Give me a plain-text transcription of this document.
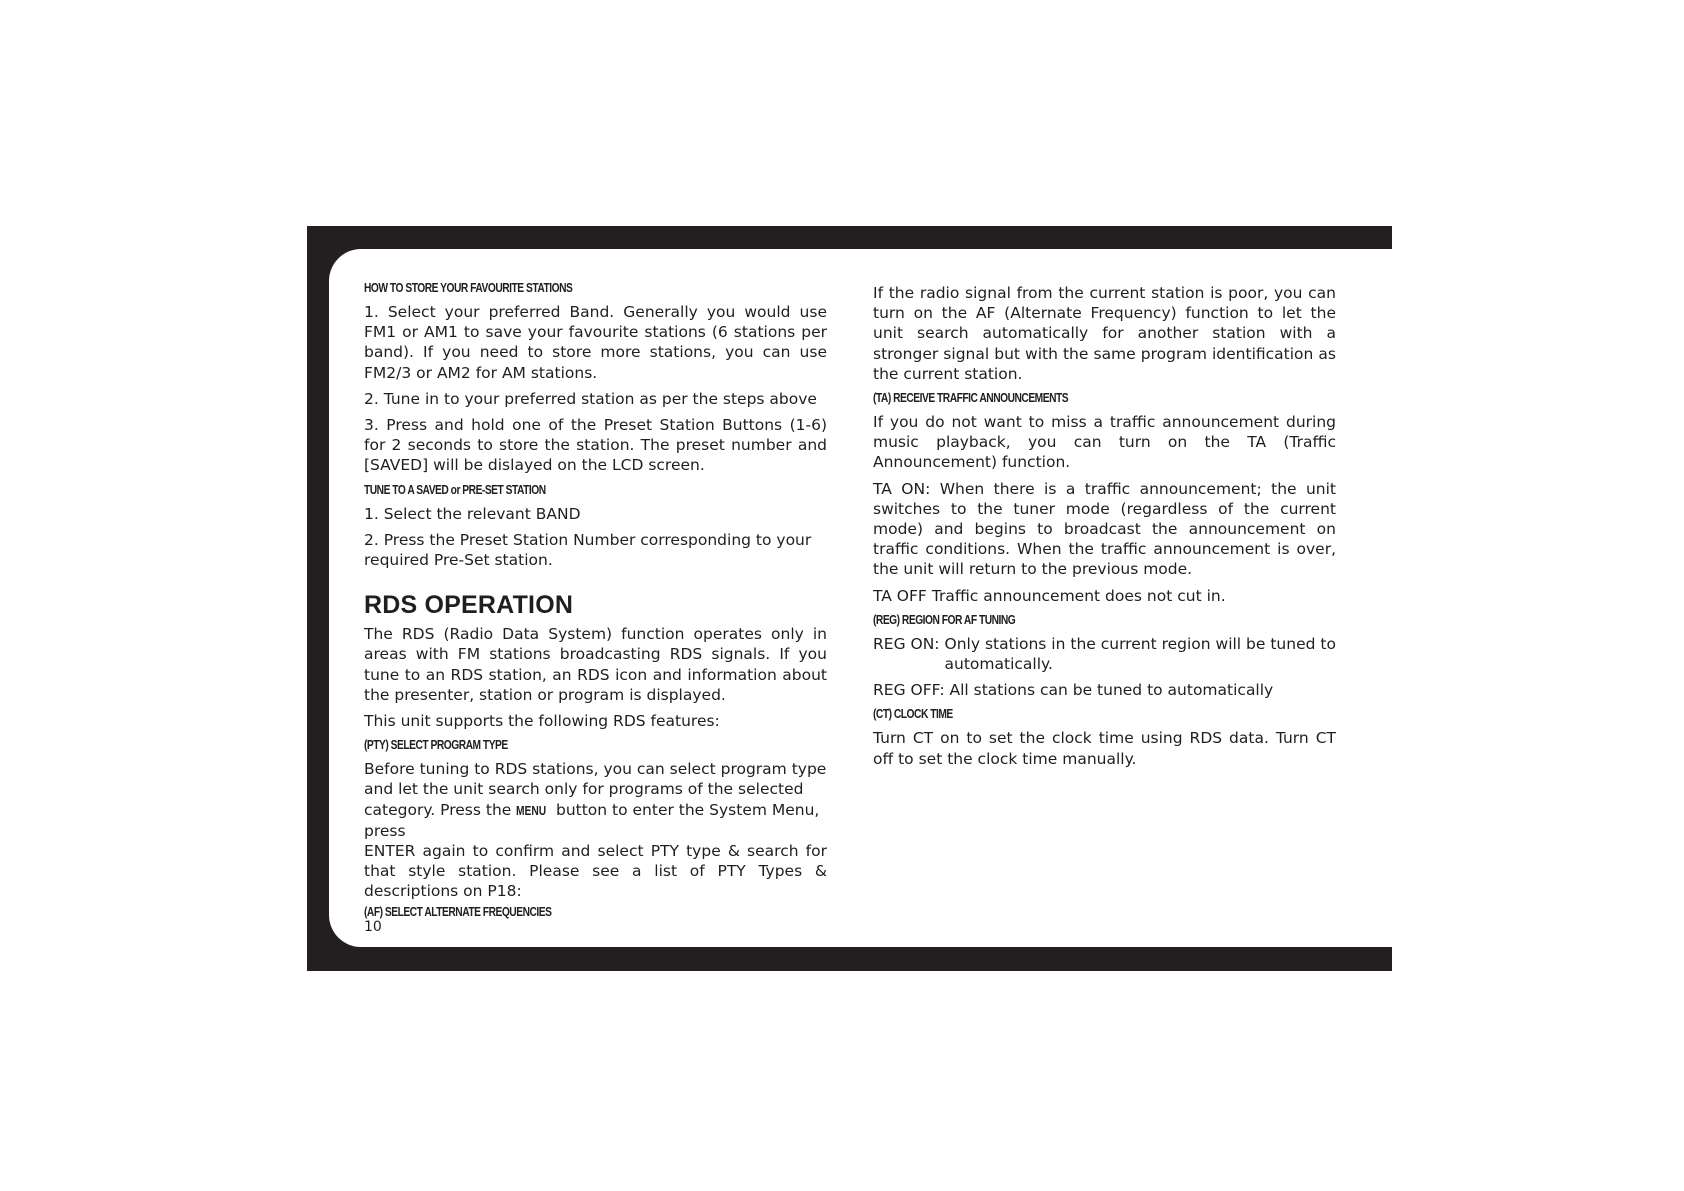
HOW TO STORE YOUR FAVOURITE STATIONS

1. Select your preferred Band. Generally you would use FM1 or AM1 to save your favourite stations (6 stations per band). If you need to store more stations, you can use FM2/3 or AM2 for AM stations.

2. Tune in to your preferred station as per the steps above

3. Press and hold one of the Preset Station Buttons (1-6) for 2 seconds to store the station. The preset number and [SAVED] will be dislayed on the LCD screen.

TUNE TO A SAVED or PRE-SET STATION

1. Select the relevant BAND

2. Press the Preset Station Number corresponding to your required Pre-Set station.

RDS OPERATION

The RDS (Radio Data System) function operates only in areas with FM stations broadcasting RDS signals. If you tune to an RDS station, an RDS icon and information about the presenter, station or program is displayed.

This unit supports the following RDS features:

(PTY) SELECT PROGRAM TYPE

Before tuning to RDS stations, you can select program type and let the unit search only for programs of the selected category. Press the MENU button to enter the System Menu, press

ENTER again to confirm and select PTY type & search for that style station. Please see a list of PTY Types & descriptions on P18:

(AF) SELECT ALTERNATE FREQUENCIES

If the radio signal from the current station is poor, you can turn on the AF (Alternate Frequency) function to let the unit search automatically for another station with a stronger signal but with the same program identification as the current station.

(TA) RECEIVE TRAFFIC ANNOUNCEMENTS

If you do not want to miss a traffic announcement during music playback, you can turn on the TA (Traffic Announcement) function.

TA ON: When there is a traffic announcement; the unit switches to the tuner mode (regardless of the current mode) and begins to broadcast the announcement on traffic conditions. When the traffic announcement is over, the unit will return to the previous mode.

TA OFF Traffic announcement does not cut in.

(REG) REGION FOR AF TUNING
REG ON: Only stations in the current region will be tuned to automatically.

REG OFF: All stations can be tuned to automatically

(CT) CLOCK TIME

Turn CT on to set the clock time using RDS data. Turn CT off to set the clock time manually.

10
